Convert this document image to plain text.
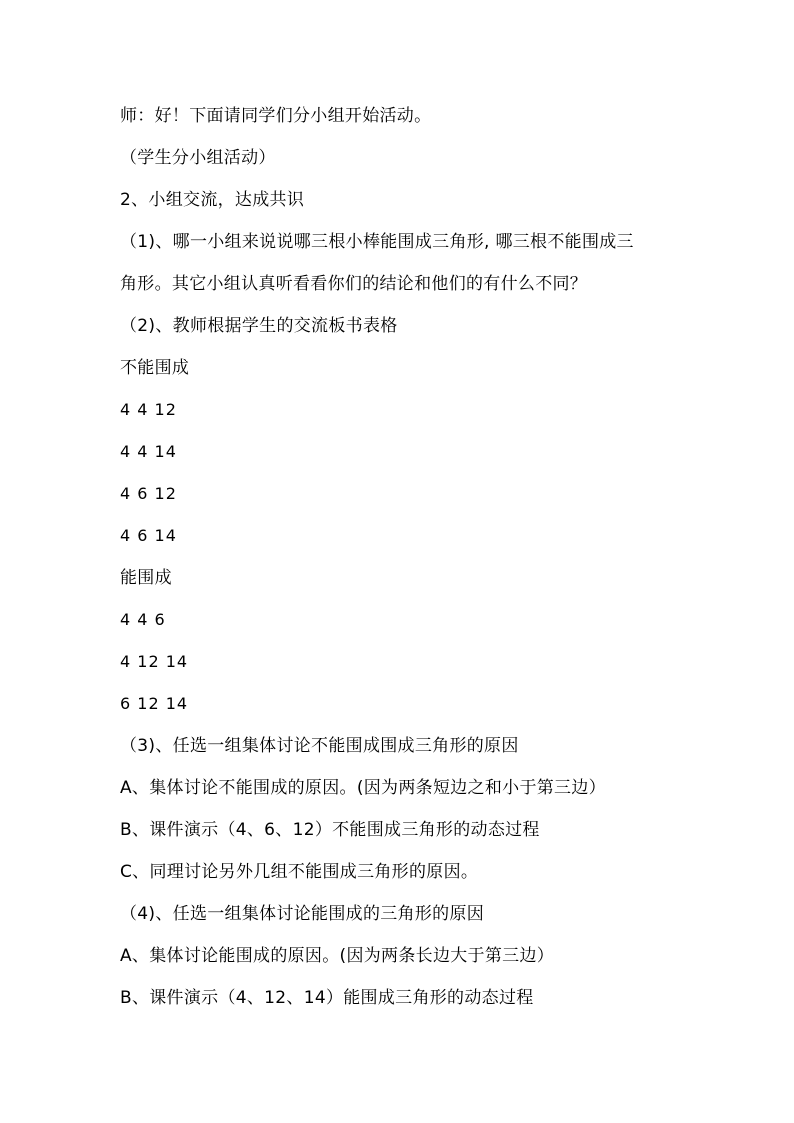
师：好！下面请同学们分小组开始活动。
（学生分小组活动）
2、小组交流，达成共识
（1)、哪一小组来说说哪三根小棒能围成三角形, 哪三根不能围成三
角形。其它小组认真听看看你们的结论和他们的有什么不同？
（2)、教师根据学生的交流板书表格
不能围成
4 4 12
4 4 14
4 6 12
4 6 14
能围成
4 4 6
4 12 14
6 12 14
（3)、任选一组集体讨论不能围成围成三角形的原因
A、集体讨论不能围成的原因。(因为两条短边之和小于第三边）
B、课件演示（4、6、12）不能围成三角形的动态过程
C、同理讨论另外几组不能围成三角形的原因。
（4)、任选一组集体讨论能围成的三角形的原因
A、集体讨论能围成的原因。(因为两条长边大于第三边）
B、课件演示（4、12、14）能围成三角形的动态过程
